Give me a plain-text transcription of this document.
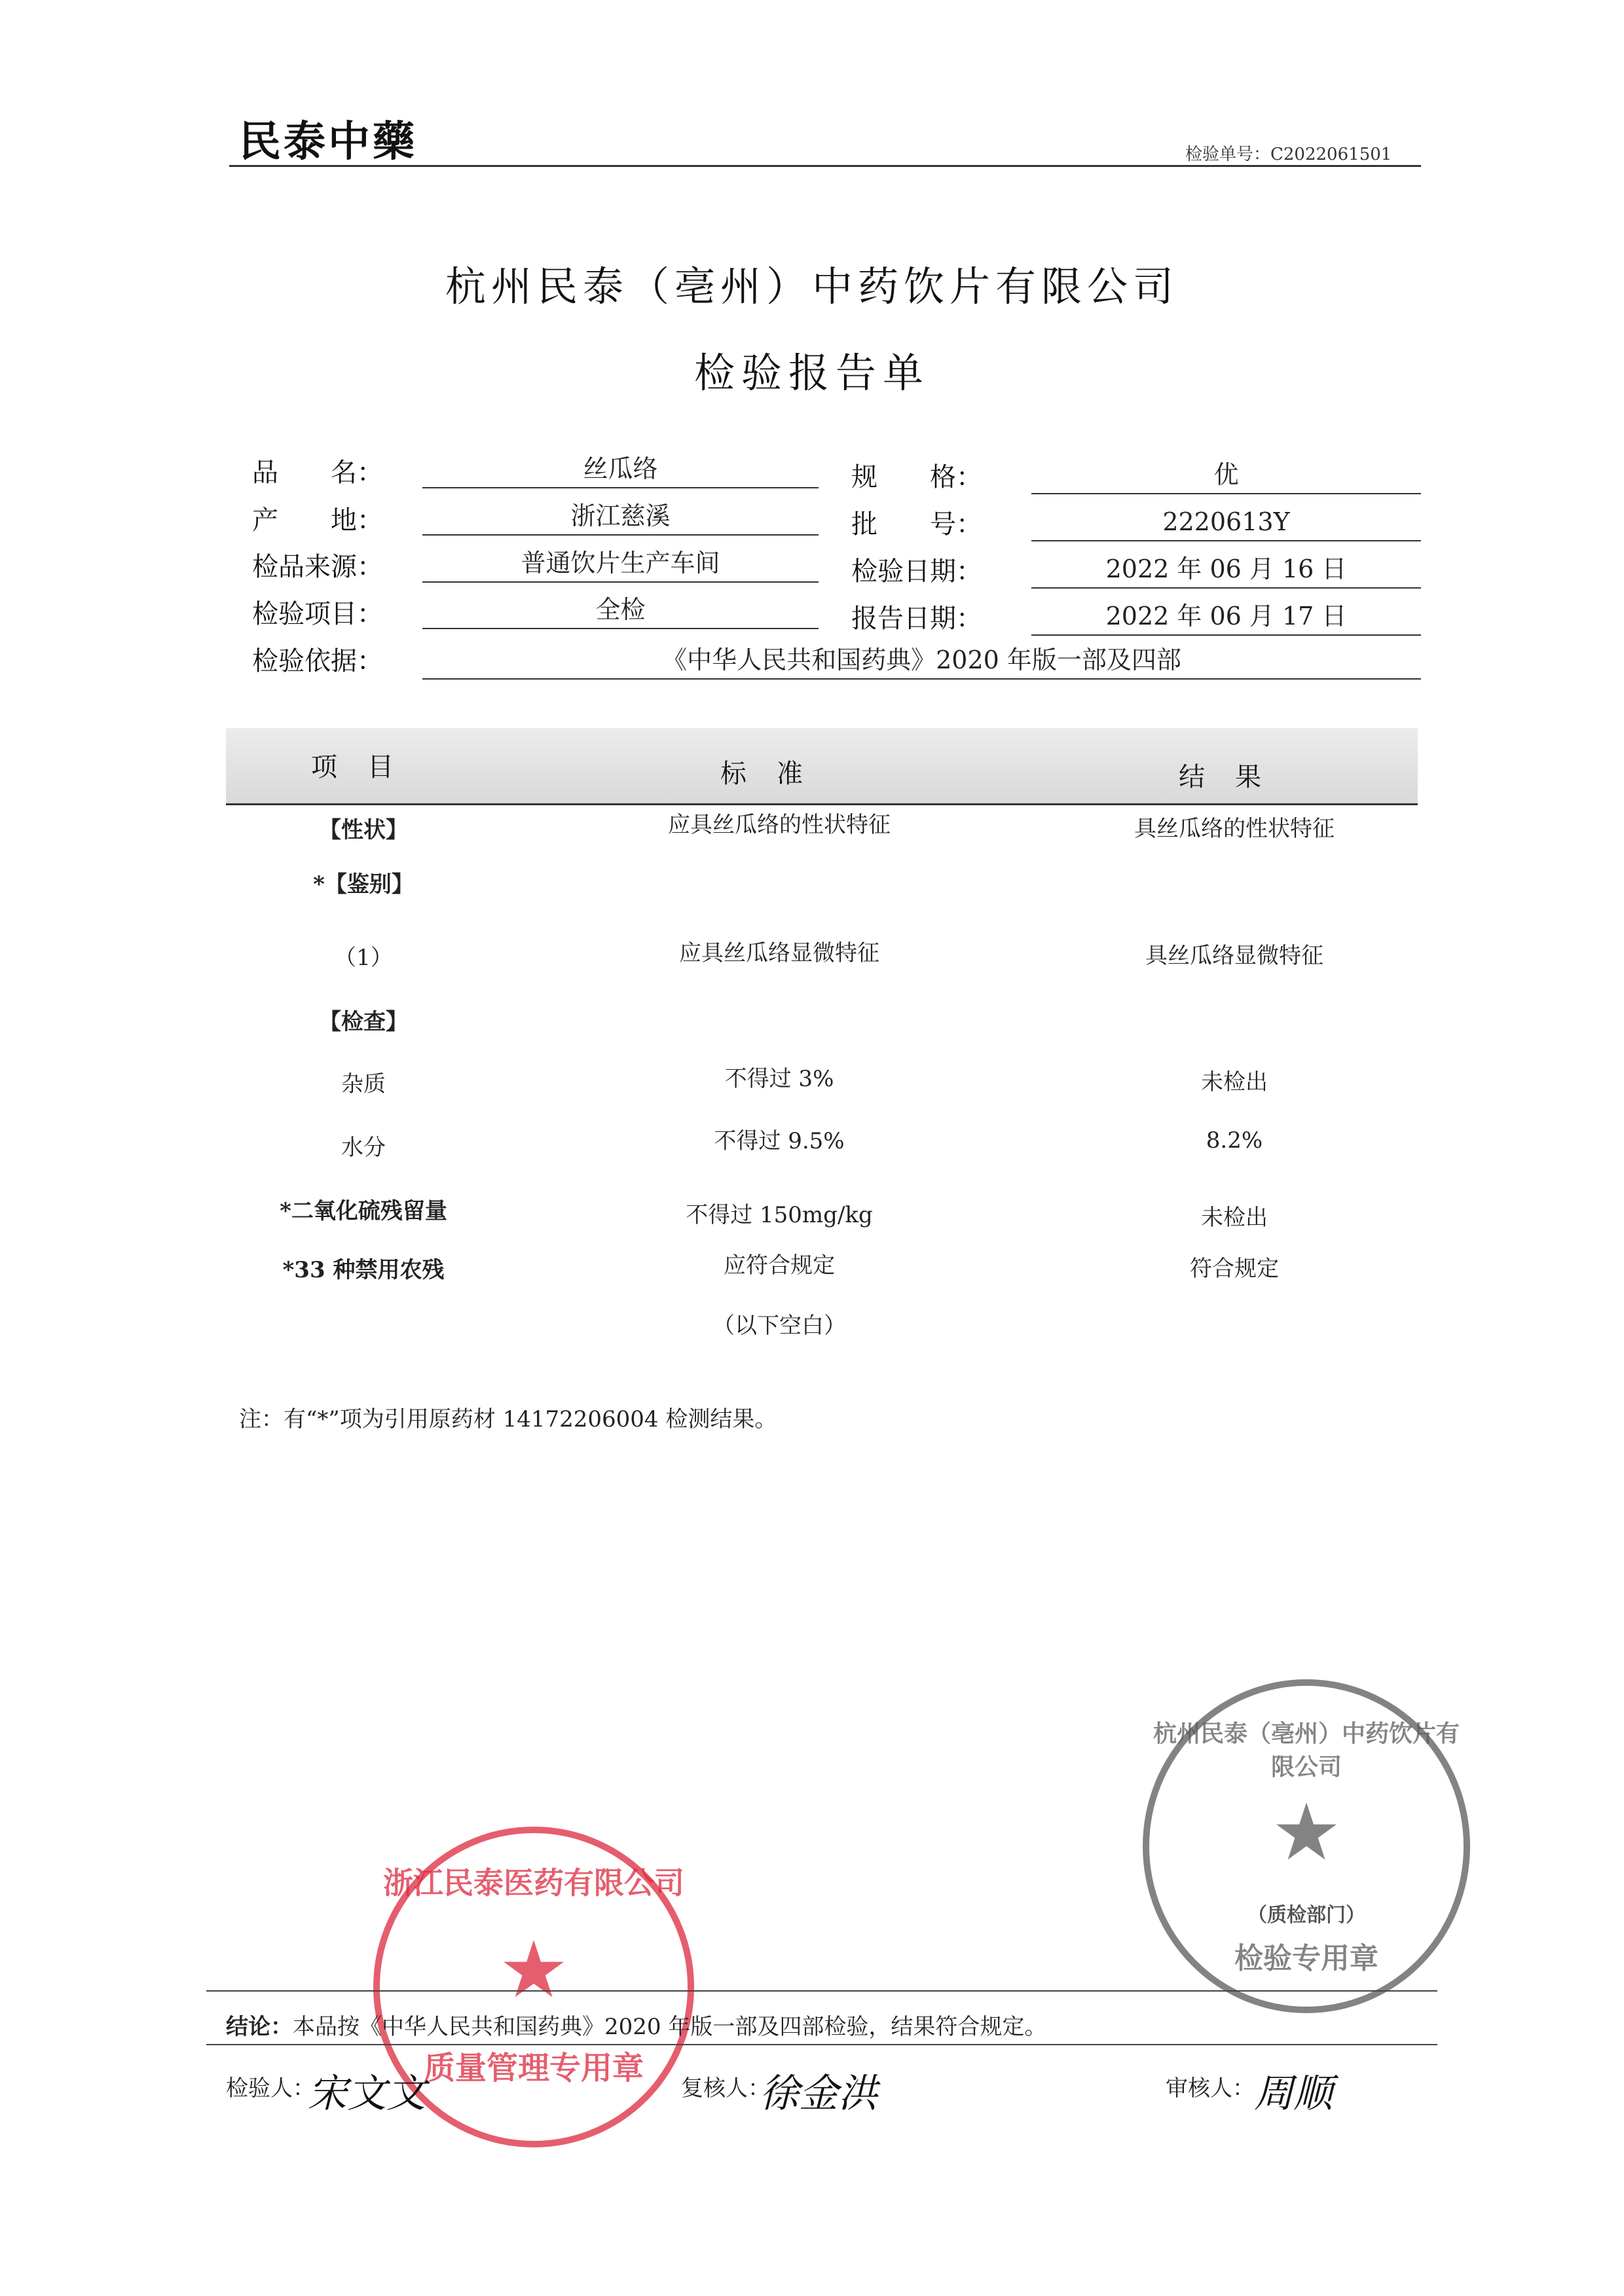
民泰中藥	检验单号：C2022061501
杭州民泰（亳州）中药饮片有限公司
检验报告单
品　　名：	丝瓜络	规　　格：	优
产　　地：	浙江慈溪	批　　号：	2220613Y
检品来源：	普通饮片生产车间	检验日期：	2022 年 06 月 16 日
检验项目：	全检	报告日期：	2022 年 06 月 17 日
检验依据：	《中华人民共和国药典》2020 年版一部及四部
项目	标准	结果
【性状】	应具丝瓜络的性状特征	具丝瓜络的性状特征
*【鉴别】
（1）	应具丝瓜络显微特征	具丝瓜络显微特征
【检查】
杂质	不得过 3%	未检出
水分	不得过 9.5%	8.2%
*二氧化硫残留量	不得过 150mg/kg	未检出
*33 种禁用农残	应符合规定	符合规定
（以下空白）
注：有“*”项为引用原药材 14172206004 检测结果。
浙江民泰医药有限公司
★
质量管理专用章
杭州民泰（亳州）中药饮片有限公司
★
（质检部门）
检验专用章
结论：本品按《中华人民共和国药典》2020 年版一部及四部检验，结果符合规定。
检验人：
宋文文	复核人：
徐金洪	审核人： 周顺
